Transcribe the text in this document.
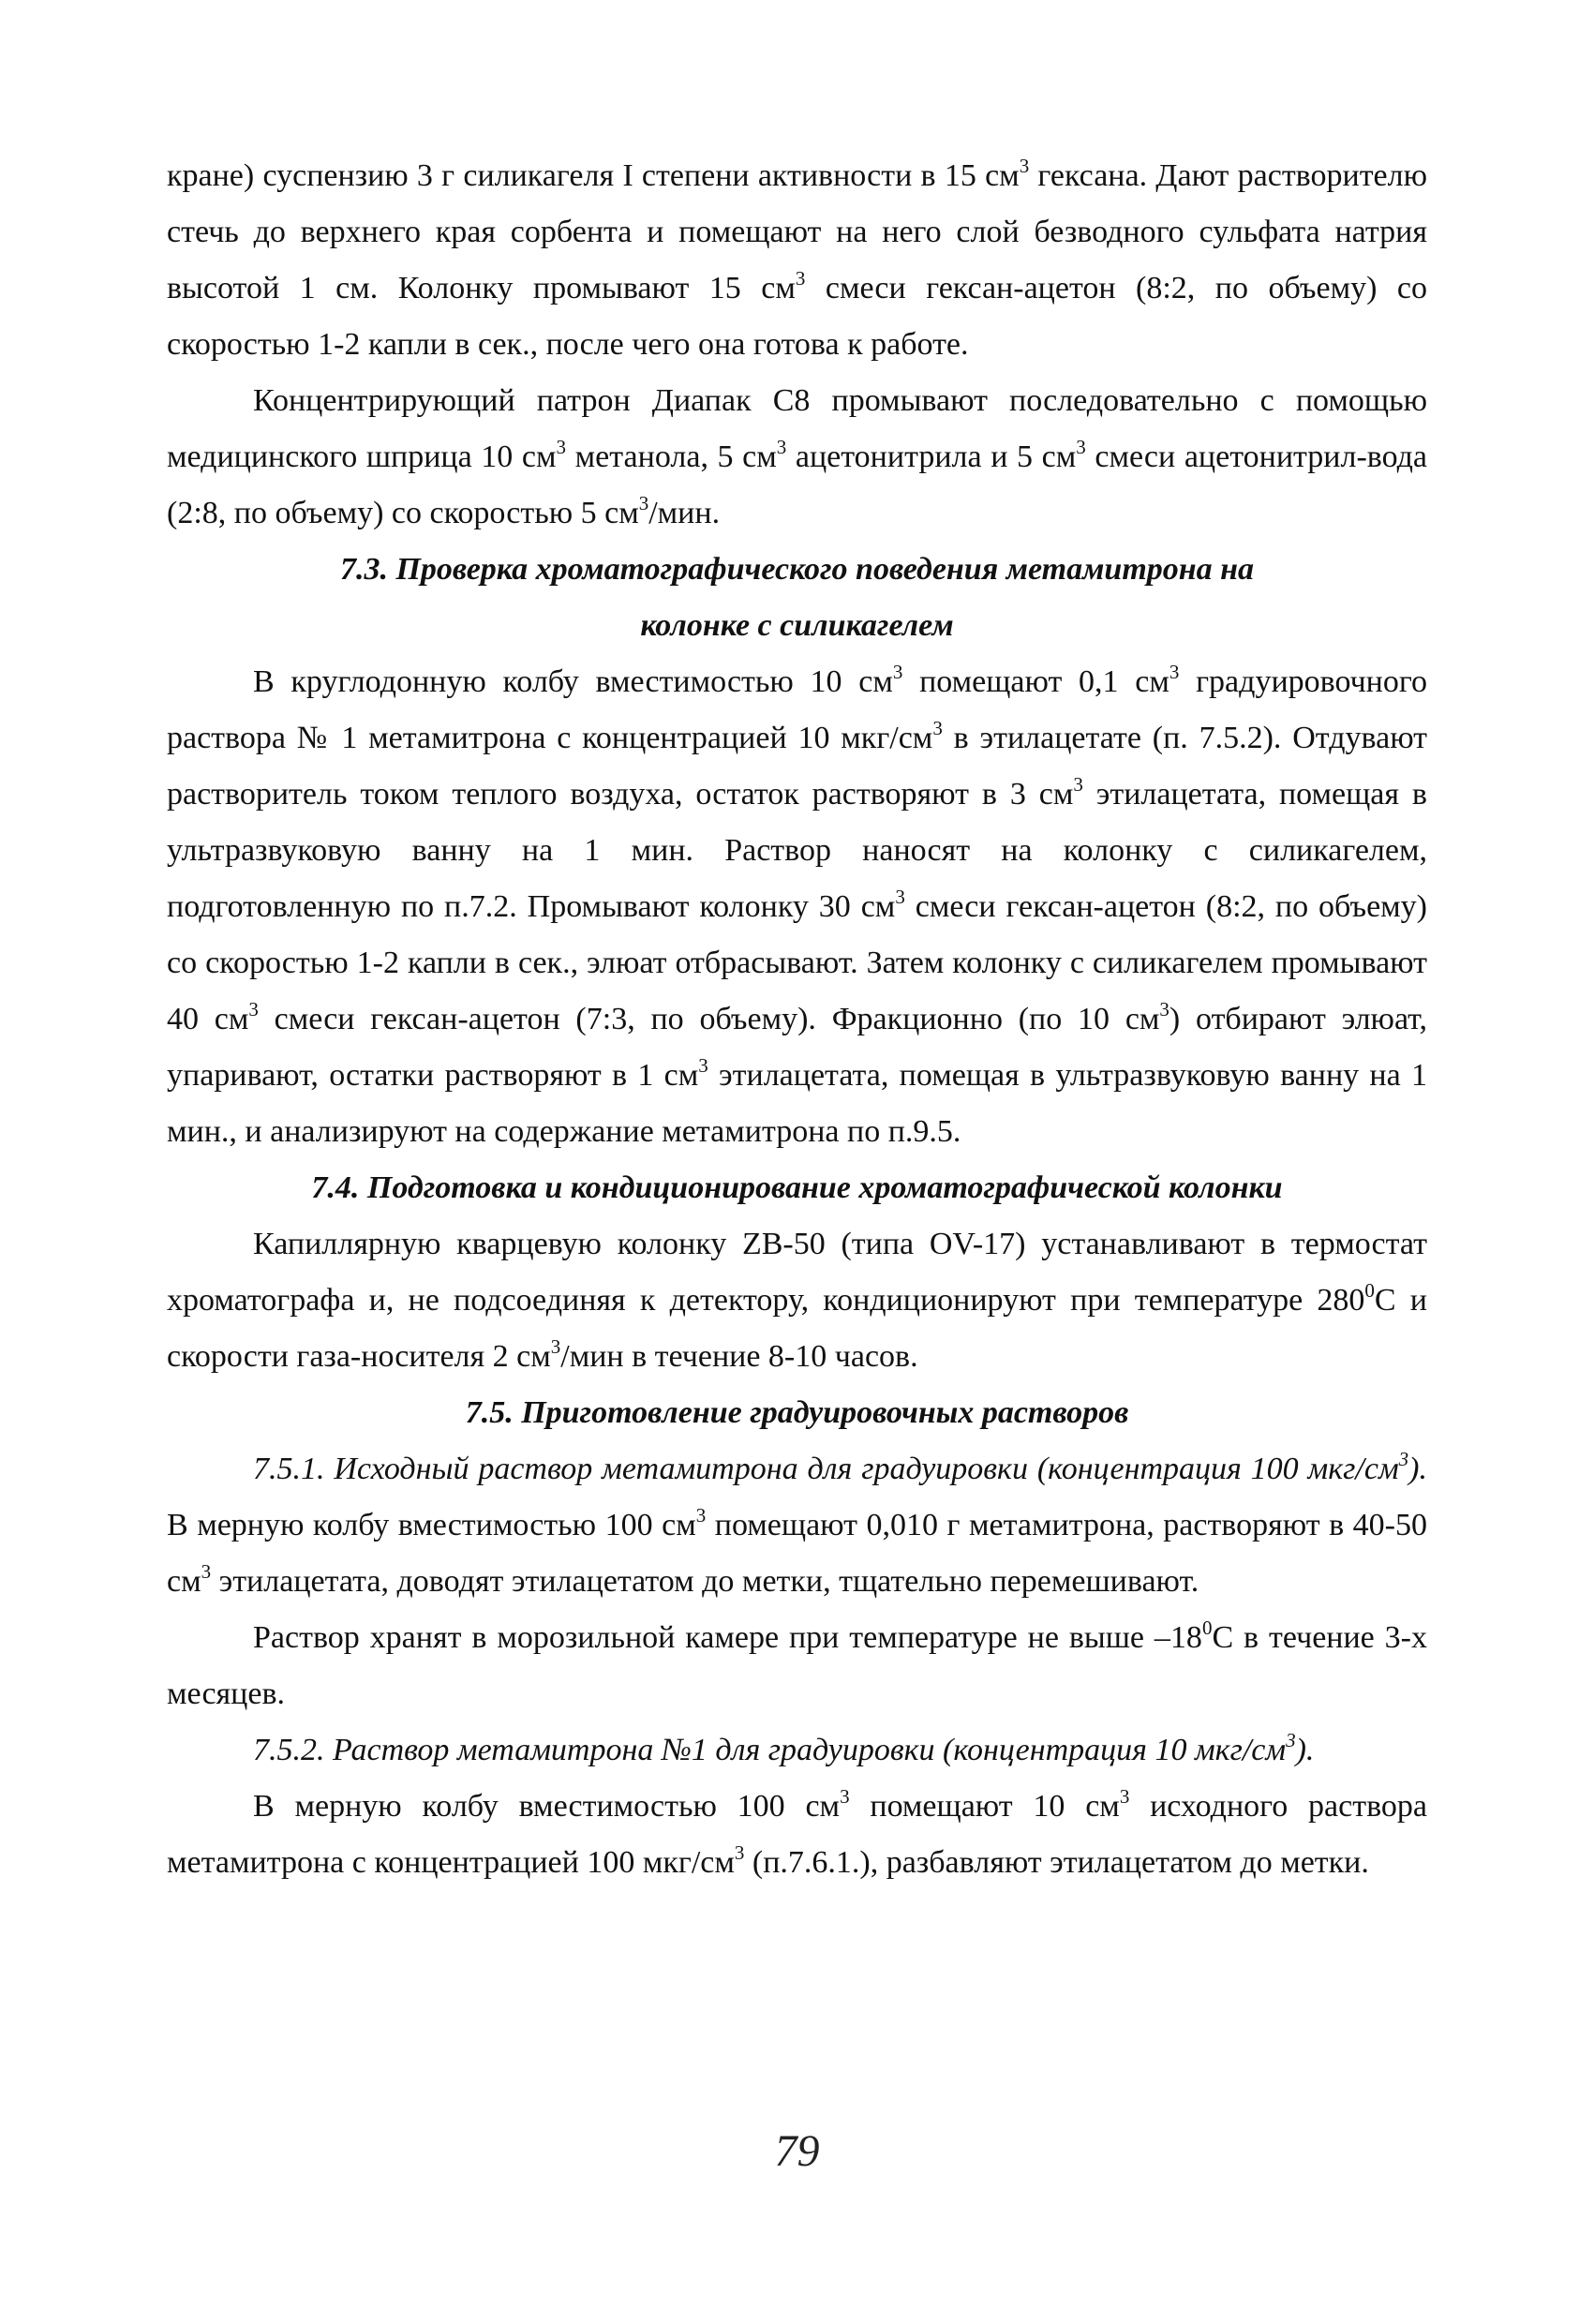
кране) суспензию 3 г силикагеля I степени активности в 15 $см^3$ гексана. Дают растворителю стечь до верхнего края сорбента и помещают на него слой безводного сульфата натрия высотой 1 см. Колонку промывают 15 $см^3$ смеси гексан-ацетон (8:2, по объему) со скоростью 1-2 капли в сек., после чего она готова к работе.

Концентрирующий патрон Диапак С8 промывают последовательно с помощью медицинского шприца 10 $см^3$ метанола, 5 $см^3$ ацетонитрила и 5 $см^3$ смеси ацетонитрил-вода (2:8, по объему) со скоростью 5 $см^3$/мин.

7.3. Проверка хроматографического поведения метамитрона на
колонке с силикагелем

В круглодонную колбу вместимостью 10 $см^3$ помещают 0,1 $см^3$ градуировочного раствора № 1 метамитрона с концентрацией 10 мкг/$см^3$ в этилацетате (п. 7.5.2). Отдувают растворитель током теплого воздуха, остаток растворяют в 3 $см^3$ этилацетата, помещая в ультразвуковую ванну на 1 мин. Раствор наносят на колонку с силикагелем, подготовленную по п.7.2. Промывают колонку 30 $см^3$ смеси гексан-ацетон (8:2, по объему) со скоростью 1-2 капли в сек., элюат отбрасывают. Затем колонку с силикагелем промывают 40 $см^3$ смеси гексан-ацетон (7:3, по объему). Фракционно (по 10 $см^3$) отбирают элюат, упаривают, остатки растворяют в 1 $см^3$ этилацетата, помещая в ультразвуковую ванну на 1 мин., и анализируют на содержание метамитрона по п.9.5.

7.4. Подготовка и кондиционирование хроматографической колонки

Капиллярную кварцевую колонку ZB-50 (типа OV-17) устанавливают в термостат хроматографа и, не подсоединяя к детектору, кондиционируют при температуре $280^0С$ и скорости газа-носителя 2 $см^3$/мин в течение 8-10 часов.

7.5. Приготовление градуировочных растворов

7.5.1. Исходный раствор метамитрона для градуировки (концентрация 100 мкг/$см^3$). В мерную колбу вместимостью 100 $см^3$ помещают 0,010 г метамитрона, растворяют в 40-50 $см^3$ этилацетата, доводят этилацетатом до метки, тщательно перемешивают.

Раствор хранят в морозильной камере при температуре не выше $-18^0С$ в течение 3-х месяцев.

7.5.2. Раствор метамитрона №1 для градуировки (концентрация 10 мкг/$см^3$).

В мерную колбу вместимостью 100 $см^3$ помещают 10 $см^3$ исходного раствора метамитрона с концентрацией 100 мкг/$см^3$ (п.7.6.1.), разбавляют этилацетатом до метки.

79
